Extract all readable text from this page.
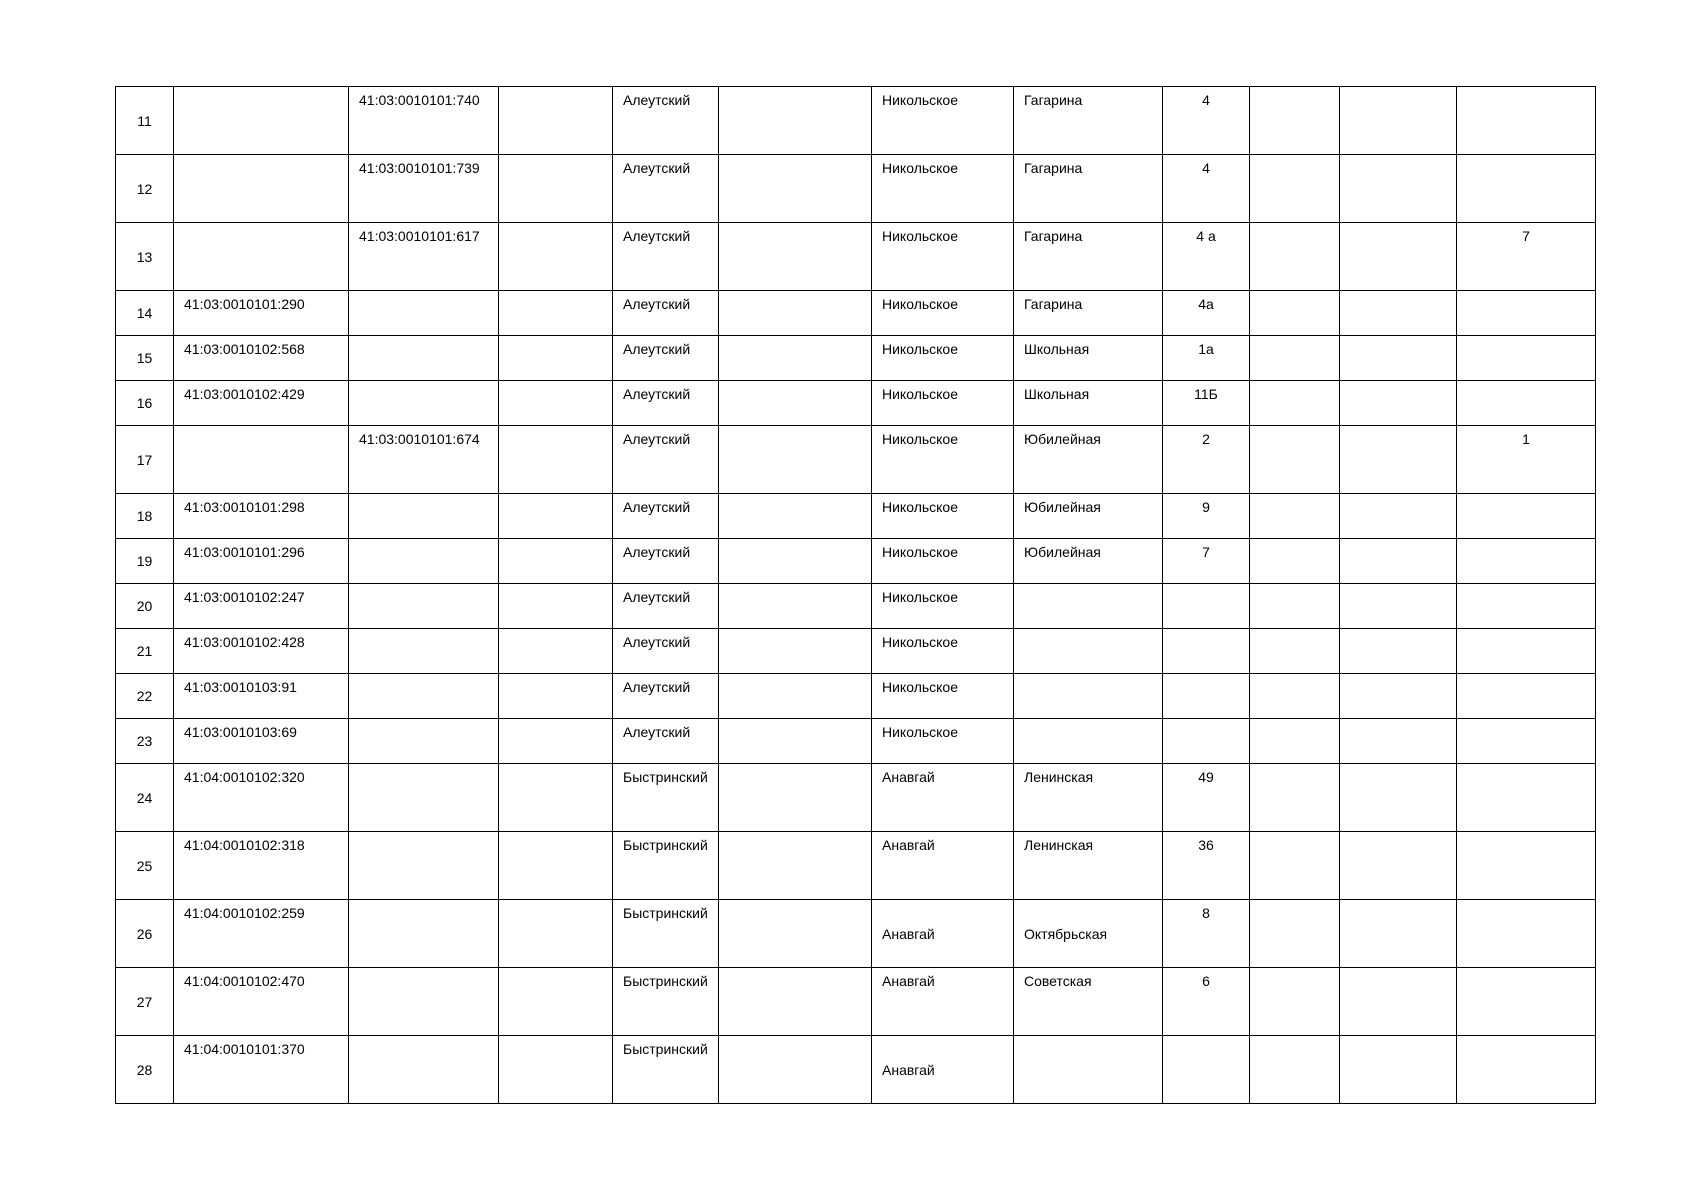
11		41:03:0010101:740		Алеутский		Никольское	Гагарина	4			
12		41:03:0010101:739		Алеутский		Никольское	Гагарина	4			
13		41:03:0010101:617		Алеутский		Никольское	Гагарина	4 а			7
14	41:03:0010101:290			Алеутский		Никольское	Гагарина	4а			
15	41:03:0010102:568			Алеутский		Никольское	Школьная	1а			
16	41:03:0010102:429			Алеутский		Никольское	Школьная	11Б			
17		41:03:0010101:674		Алеутский		Никольское	Юбилейная	2			1
18	41:03:0010101:298			Алеутский		Никольское	Юбилейная	9			
19	41:03:0010101:296			Алеутский		Никольское	Юбилейная	7			
20	41:03:0010102:247			Алеутский		Никольское					
21	41:03:0010102:428			Алеутский		Никольское					
22	41:03:0010103:91			Алеутский		Никольское					
23	41:03:0010103:69			Алеутский		Никольское					
24	41:04:0010102:320			Быстринский		Анавгай	Ленинская	49			
25	41:04:0010102:318			Быстринский		Анавгай	Ленинская	36			
26	41:04:0010102:259			Быстринский		Анавгай	Октябрьская	8			
27	41:04:0010102:470			Быстринский		Анавгай	Советская	6			
28	41:04:0010101:370			Быстринский		Анавгай					
